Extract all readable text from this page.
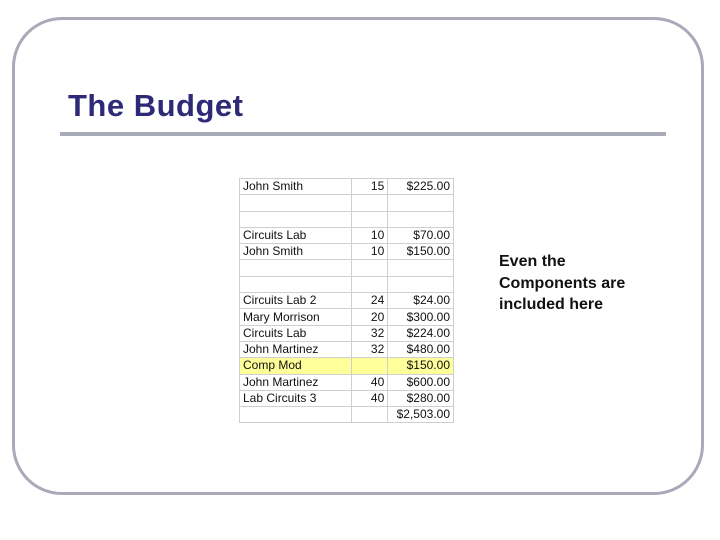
The Budget
John Smith	15	$225.00

Circuits Lab	10	$70.00
John Smith	10	$150.00

Circuits Lab 2	24	$24.00
Mary Morrison	20	$300.00
Circuits Lab	32	$224.00
John Martinez	32	$480.00
Comp Mod		$150.00
John Martinez	40	$600.00
Lab Circuits 3	40	$280.00
		$2,503.00

Even the
Components are
included here
